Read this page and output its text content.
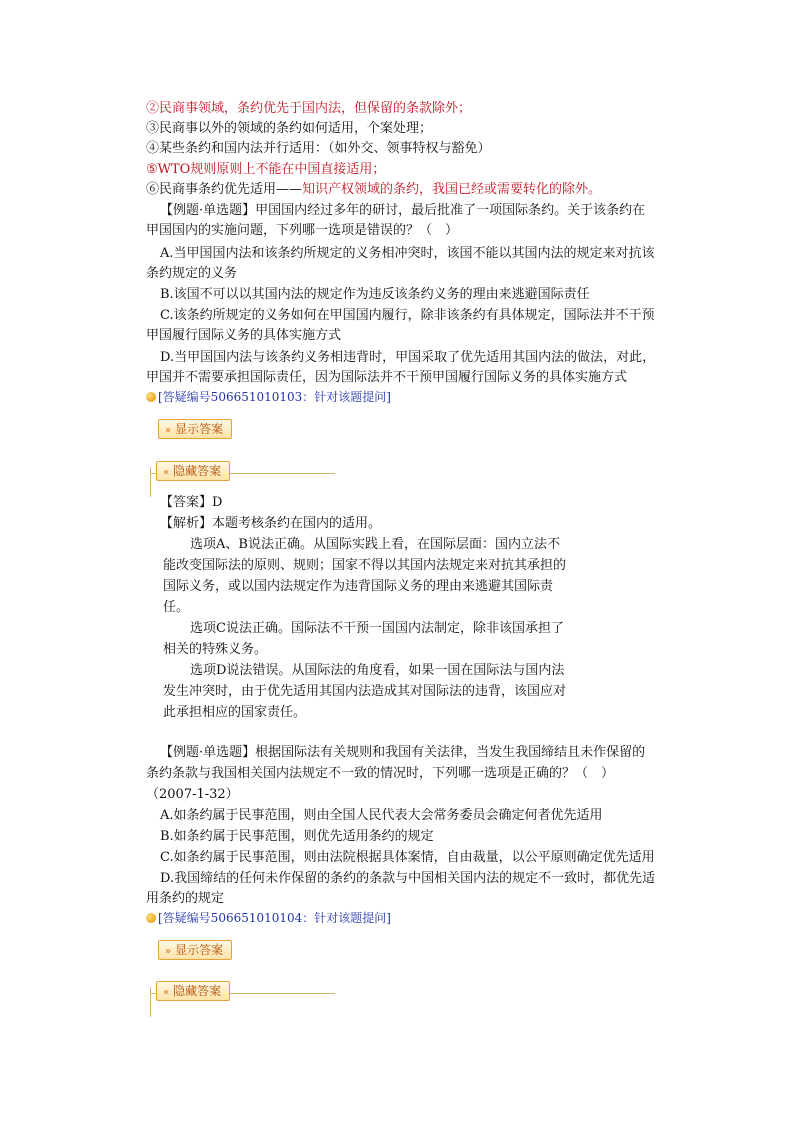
②民商事领域，条约优先于国内法，但保留的条款除外；
③民商事以外的领域的条约如何适用，个案处理；
④某些条约和国内法并行适用：（如外交、领事特权与豁免）
⑤WTO规则原则上不能在中国直接适用；
⑥民商事条约优先适用——知识产权领域的条约，我国已经或需要转化的除外。
【例题·单选题】甲国国内经过多年的研讨，最后批准了一项国际条约。关于该条约在
甲国国内的实施问题，下列哪一选项是错误的？（　）
A.当甲国国内法和该条约所规定的义务相冲突时，该国不能以其国内法的规定来对抗该
条约规定的义务
B.该国不可以以其国内法的规定作为违反该条约义务的理由来逃避国际责任
C.该条约所规定的义务如何在甲国国内履行，除非该条约有具体规定，国际法并不干预
甲国履行国际义务的具体实施方式
D.当甲国国内法与该条约义务相违背时，甲国采取了优先适用其国内法的做法，对此，
甲国并不需要承担国际责任，因为国际法并不干预甲国履行国际义务的具体实施方式
[答疑编号506651010103：针对该题提问]
» 显示答案
« 隐藏答案
【答案】D
【解析】本题考核条约在国内的适用。
选项A、B说法正确。从国际实践上看，在国际层面：国内立法不
能改变国际法的原则、规则；国家不得以其国内法规定来对抗其承担的
国际义务，或以国内法规定作为违背国际义务的理由来逃避其国际责
任。
选项C说法正确。国际法不干预一国国内法制定，除非该国承担了
相关的特殊义务。
选项D说法错误。从国际法的角度看，如果一国在国际法与国内法
发生冲突时，由于优先适用其国内法造成其对国际法的违背，该国应对
此承担相应的国家责任。
【例题·单选题】根据国际法有关规则和我国有关法律，当发生我国缔结且未作保留的
条约条款与我国相关国内法规定不一致的情况时，下列哪一选项是正确的？（　）
（2007-1-32）
A.如条约属于民事范围，则由全国人民代表大会常务委员会确定何者优先适用
B.如条约属于民事范围，则优先适用条约的规定
C.如条约属于民事范围，则由法院根据具体案情，自由裁量，以公平原则确定优先适用
D.我国缔结的任何未作保留的条约的条款与中国相关国内法的规定不一致时，都优先适
用条约的规定
[答疑编号506651010104：针对该题提问]
» 显示答案
« 隐藏答案
